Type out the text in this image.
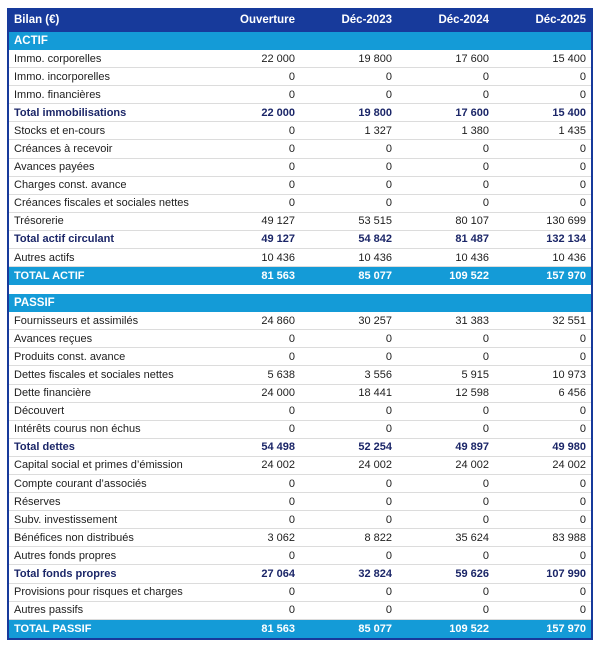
Bilan (€)	Ouverture	Déc-2023	Déc-2024	Déc-2025
ACTIF
Immo. corporelles	22 000	19 800	17 600	15 400
Immo. incorporelles	0	0	0	0
Immo. financières	0	0	0	0
Total immobilisations	22 000	19 800	17 600	15 400
Stocks et en-cours	0	1 327	1 380	1 435
Créances à recevoir	0	0	0	0
Avances payées	0	0	0	0
Charges const. avance	0	0	0	0
Créances fiscales et sociales nettes	0	0	0	0
Trésorerie	49 127	53 515	80 107	130 699
Total actif circulant	49 127	54 842	81 487	132 134
Autres actifs	10 436	10 436	10 436	10 436
TOTAL ACTIF	81 563	85 077	109 522	157 970
PASSIF
Fournisseurs et assimilés	24 860	30 257	31 383	32 551
Avances reçues	0	0	0	0
Produits const. avance	0	0	0	0
Dettes fiscales et sociales nettes	5 638	3 556	5 915	10 973
Dette financière	24 000	18 441	12 598	6 456
Découvert	0	0	0	0
Intérêts courus non échus	0	0	0	0
Total dettes	54 498	52 254	49 897	49 980
Capital social et primes d’émission	24 002	24 002	24 002	24 002
Compte courant d’associés	0	0	0	0
Réserves	0	0	0	0
Subv. investissement	0	0	0	0
Bénéfices non distribués	3 062	8 822	35 624	83 988
Autres fonds propres	0	0	0	0
Total fonds propres	27 064	32 824	59 626	107 990
Provisions pour risques et charges	0	0	0	0
Autres passifs	0	0	0	0
TOTAL PASSIF	81 563	85 077	109 522	157 970
